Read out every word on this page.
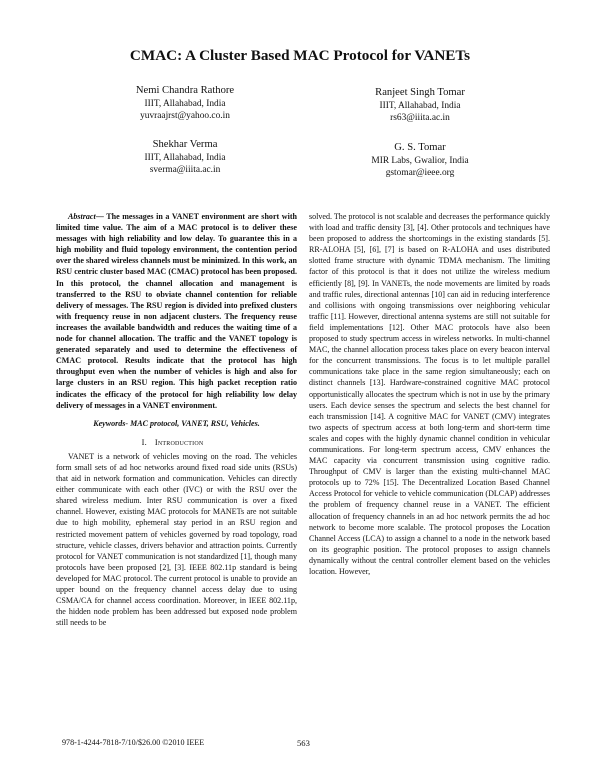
CMAC: A Cluster Based MAC Protocol for VANETs
Nemi Chandra Rathore
IIIT, Allahabad, India
yuvraajrst@yahoo.co.in
Ranjeet Singh Tomar
IIIT, Allahabad, India
rs63@iiita.ac.in
Shekhar Verma
IIIT, Allahabad, India
sverma@iiita.ac.in
G. S. Tomar
MIR Labs, Gwalior, India
gstomar@ieee.org

Abstract— The messages in a VANET environment are short with limited time value. The aim of a MAC protocol is to deliver these messages with high reliability and low delay. To guarantee this in a high mobility and fluid topology environment, the contention period over the shared wireless channels must be minimized. In this work, an RSU centric cluster based MAC (CMAC) protocol has been proposed. In this protocol, the channel allocation and management is transferred to the RSU to obviate channel contention for reliable delivery of messages. The RSU region is divided into prefixed clusters with frequency reuse in non adjacent clusters. The frequency reuse increases the available bandwidth and reduces the waiting time of a node for channel allocation. The traffic and the VANET topology is generated separately and used to determine the effectiveness of CMAC protocol. Results indicate that the protocol has high throughput even when the number of vehicles is high and also for large clusters in an RSU region. This high packet reception ratio indicates the efficacy of the protocol for high reliability low delay delivery of messages in a VANET environment.

Keywords- MAC protocol, VANET, RSU, Vehicles.

I. Introduction

VANET is a network of vehicles moving on the road. The vehicles form small sets of ad hoc networks around fixed road side units (RSUs) that aid in network formation and communication. Vehicles can directly either communicate with each other (IVC) or with the RSU over the shared wireless medium. Inter RSU communication is over a fixed channel. However, existing MAC protocols for MANETs are not suitable due to high mobility, ephemeral stay period in an RSU region and restricted movement pattern of vehicles governed by road topology, road structure, vehicle classes, drivers behavior and attraction points. Currently protocol for VANET communication is not standardized [1], though many protocols have been proposed [2], [3]. IEEE 802.11p standard is being developed for MAC protocol. The current protocol is unable to provide an upper bound on the frequency channel access delay due to using CSMA/CA for channel access coordination. Moreover, in IEEE 802.11p, the hidden node problem has been addressed but exposed node problem still needs to be

solved. The protocol is not scalable and decreases the performance quickly with load and traffic density [3], [4]. Other protocols and techniques have been proposed to address the shortcomings in the existing standards [5]. RR-ALOHA [5], [6], [7] is based on R-ALOHA and uses distributed slotted frame structure with dynamic TDMA mechanism. The limiting factor of this protocol is that it does not utilize the wireless medium efficiently [8], [9]. In VANETs, the node movements are limited by roads and traffic rules, directional antennas [10] can aid in reducing interference and collisions with ongoing transmissions over neighboring vehicular traffic [11]. However, directional antenna systems are still not suitable for field implementations [12]. Other MAC protocols have also been proposed to study spectrum access in wireless networks. In multi-channel MAC, the channel allocation process takes place on every beacon interval for the concurrent transmissions. The focus is to let multiple parallel communications take place in the same region simultaneously; each on distinct channels [13]. Hardware-constrained cognitive MAC protocol opportunistically allocates the spectrum which is not in use by the primary users. Each device senses the spectrum and selects the best channel for each transmission [14]. A cognitive MAC for VANET (CMV) integrates two aspects of spectrum access at both long-term and short-term time scales and copes with the highly dynamic channel condition in vehicular communications. For long-term spectrum access, CMV enhances the MAC capacity via concurrent transmission using cognitive radio. Throughput of CMV is larger than the existing multi-channel MAC protocols up to 72% [15]. The Decentralized Location Based Channel Access Protocol for vehicle to vehicle communication (DLCAP) addresses the problem of frequency channel reuse in a VANET. The efficient allocation of frequency channels in an ad hoc network permits the ad hoc network to become more scalable. The protocol proposes the Location Channel Access (LCA) to assign a channel to a node in the network based on its geographic position. The protocol proposes to assign channels dynamically without the central controller element based on the vehicles location. However,

978-1-4244-7818-7/10/$26.00 ©2010 IEEE	563
